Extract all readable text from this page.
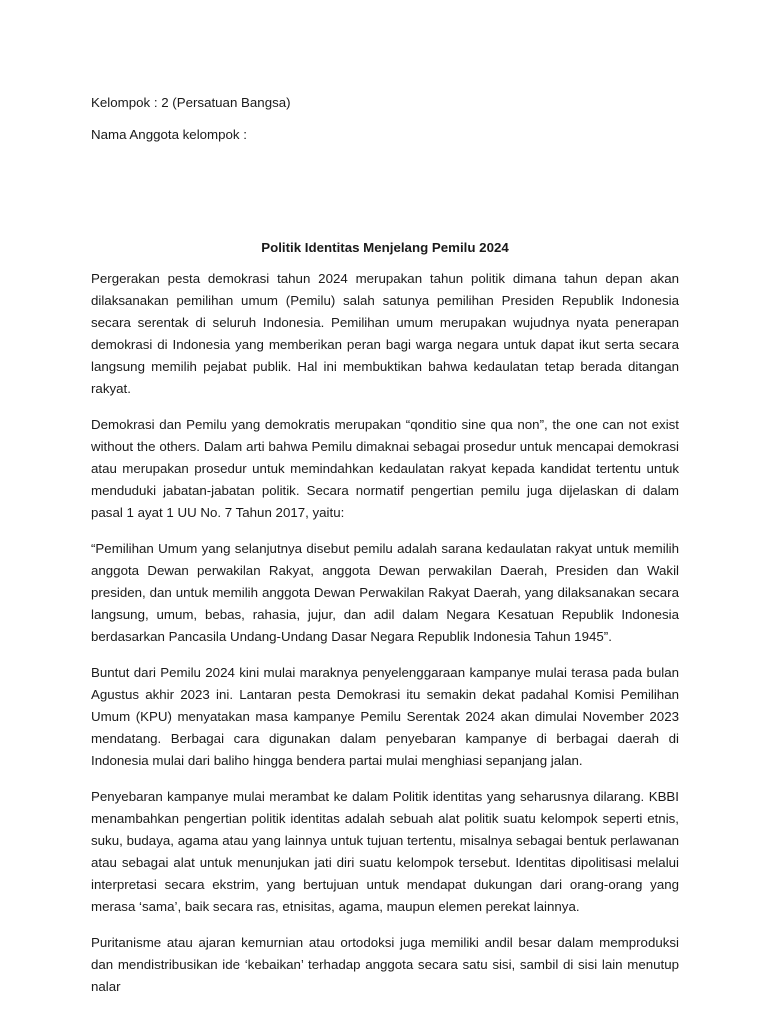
Kelompok : 2 (Persatuan Bangsa)

Nama Anggota kelompok :

Politik Identitas Menjelang Pemilu 2024

Pergerakan pesta demokrasi tahun 2024 merupakan tahun politik dimana tahun depan akan dilaksanakan pemilihan umum (Pemilu) salah satunya pemilihan Presiden Republik Indonesia secara serentak di seluruh Indonesia. Pemilihan umum merupakan wujudnya nyata penerapan demokrasi di Indonesia yang memberikan peran bagi warga negara untuk dapat ikut serta secara langsung memilih pejabat publik. Hal ini membuktikan bahwa kedaulatan tetap berada ditangan rakyat.

Demokrasi dan Pemilu yang demokratis merupakan “qonditio sine qua non”, the one can not exist without the others. Dalam arti bahwa Pemilu dimaknai sebagai prosedur untuk mencapai demokrasi atau merupakan prosedur untuk memindahkan kedaulatan rakyat kepada kandidat tertentu untuk menduduki jabatan-jabatan politik. Secara normatif pengertian pemilu juga dijelaskan di dalam pasal 1 ayat 1 UU No. 7 Tahun 2017, yaitu:

“Pemilihan Umum yang selanjutnya disebut pemilu adalah sarana kedaulatan rakyat untuk memilih anggota Dewan perwakilan Rakyat, anggota Dewan perwakilan Daerah, Presiden dan Wakil presiden, dan untuk memilih anggota Dewan Perwakilan Rakyat Daerah, yang dilaksanakan secara langsung, umum, bebas, rahasia, jujur, dan adil dalam Negara Kesatuan Republik Indonesia berdasarkan Pancasila Undang-Undang Dasar Negara Republik Indonesia Tahun 1945”.

Buntut dari Pemilu 2024 kini mulai maraknya penyelenggaraan kampanye mulai terasa pada bulan Agustus akhir 2023 ini. Lantaran pesta Demokrasi itu semakin dekat padahal Komisi Pemilihan Umum (KPU) menyatakan masa kampanye Pemilu Serentak 2024 akan dimulai November 2023 mendatang. Berbagai cara digunakan dalam penyebaran kampanye di berbagai daerah di Indonesia mulai dari baliho hingga bendera partai mulai menghiasi sepanjang jalan.

Penyebaran kampanye mulai merambat ke dalam Politik identitas yang seharusnya dilarang. KBBI menambahkan pengertian politik identitas adalah sebuah alat politik suatu kelompok seperti etnis, suku, budaya, agama atau yang lainnya untuk tujuan tertentu, misalnya sebagai bentuk perlawanan atau sebagai alat untuk menunjukan jati diri suatu kelompok tersebut. Identitas dipolitisasi melalui interpretasi secara ekstrim, yang bertujuan untuk mendapat dukungan dari orang-orang yang merasa ‘sama’, baik secara ras, etnisitas, agama, maupun elemen perekat lainnya.

Puritanisme atau ajaran kemurnian atau ortodoksi juga memiliki andil besar dalam memproduksi dan mendistribusikan ide ‘kebaikan’ terhadap anggota secara satu sisi, sambil di sisi lain menutup nalar
